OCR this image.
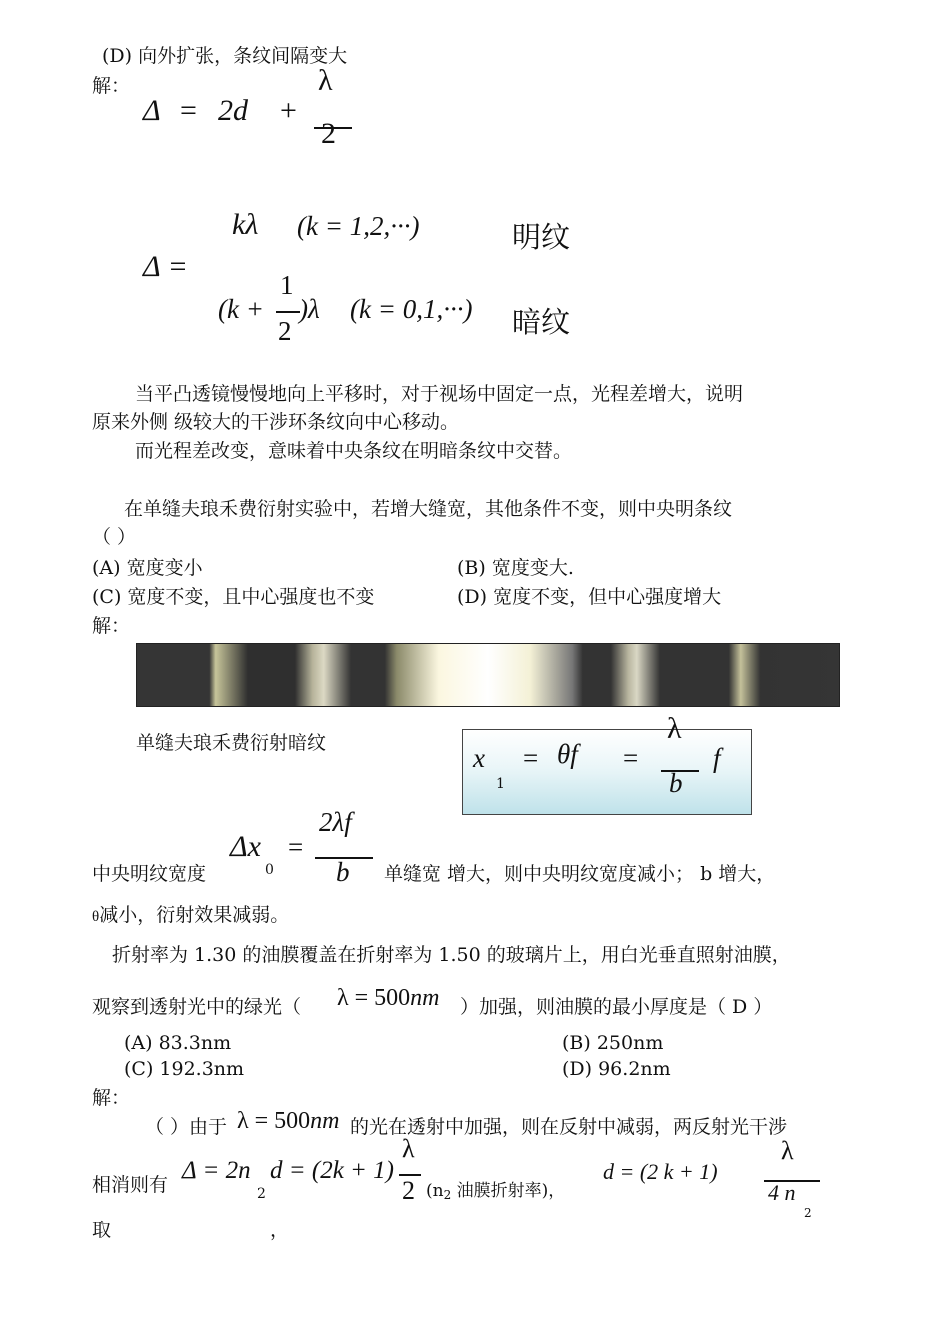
(D) 向外扩张，条纹间隔变大
解：
Δ = 2d +
λ
2
Δ =
kλ (k = 1,2,···)	明纹
(k +
1
2
)λ (k = 0,1,···) 暗纹
当平凸透镜慢慢地向上平移时，对于视场中固定一点，光程差增大，说明
原来外侧 级较大的干涉环条纹向中心移动。
而光程差改变，意味着中央条纹在明暗条纹中交替。
在单缝夫琅禾费衍射实验中，若增大缝宽，其他条件不变，则中央明条纹
（ ）
(A) 宽度变小	(B) 宽度变大.
(C) 宽度不变，且中心强度也不变	(D) 宽度不变，但中心强度增大
解：
单缝夫琅禾费衍射暗纹	x
1
= θf =
λ
b
f
Δx
0
=
2λf
b
中央明纹宽度	单缝宽 增大，则中央明纹宽度减小； b 增大，
θ减小，衍射效果减弱。
折射率为 1.30 的油膜覆盖在折射率为 1.50 的玻璃片上，用白光垂直照射油膜，
观察到透射光中的绿光（ λ = 500nm ）加强，则油膜的最小厚度是（ D ）
(A) 83.3nm	(B) 250nm
(C) 192.3nm	(D) 96.2nm
解：
（ ）由于 λ = 500nm 的光在透射中加强，则在反射中减弱，两反射光干涉
相消则有
Δ = 2n
2
d = (2k + 1)
λ
2 (n2 油膜折射率)，
d = (2 k + 1)
λ
4 n
2
取	，
